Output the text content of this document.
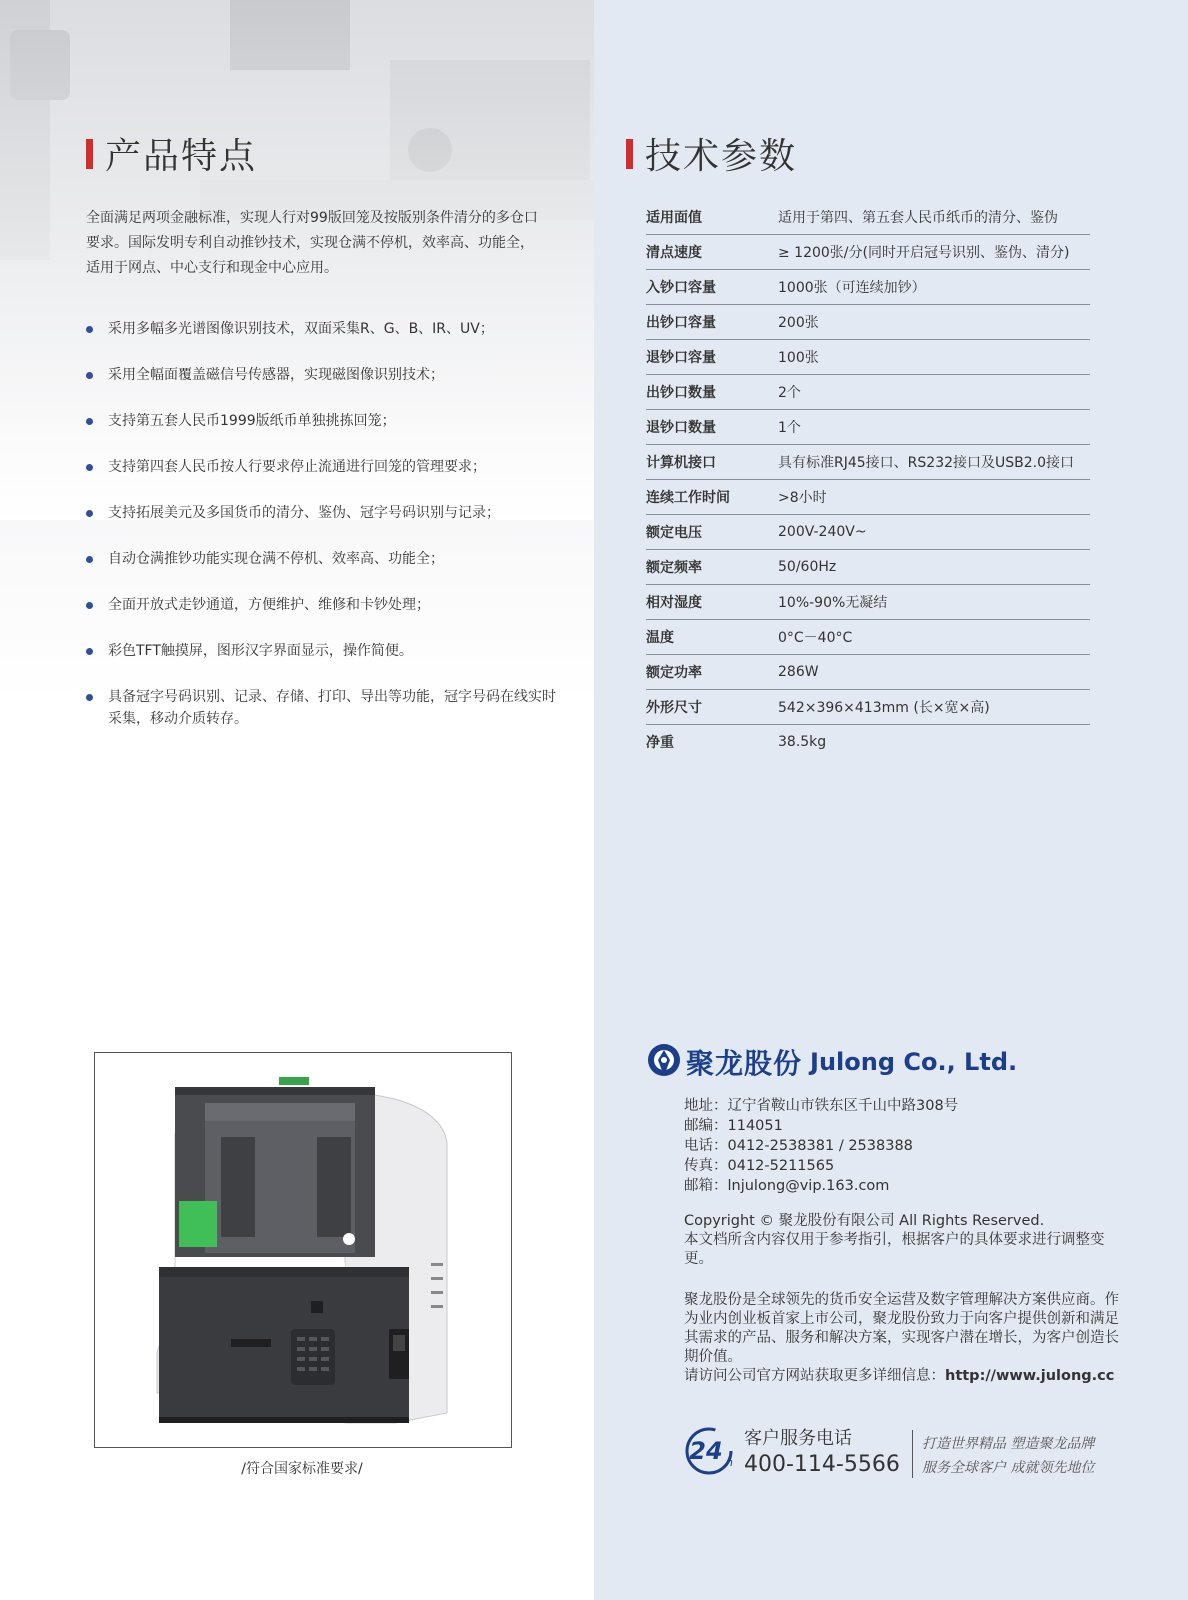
产品特点
全面满足两项金融标准，实现人行对99版回笼及按版别条件清分的多仓口要求。国际发明专利自动推钞技术，实现仓满不停机，效率高、功能全，适用于网点、中心支行和现金中心应用。
采用多幅多光谱图像识别技术，双面采集R、G、B、IR、UV；
采用全幅面覆盖磁信号传感器，实现磁图像识别技术；
支持第五套人民币1999版纸币单独挑拣回笼；
支持第四套人民币按人行要求停止流通进行回笼的管理要求；
支持拓展美元及多国货币的清分、鉴伪、冠字号码识别与记录；
自动仓满推钞功能实现仓满不停机、效率高、功能全；
全面开放式走钞通道，方便维护、维修和卡钞处理；
彩色TFT触摸屏，图形汉字界面显示，操作简便。
具备冠字号码识别、记录、存储、打印、导出等功能，冠字号码在线实时采集，移动介质转存。
/符合国家标准要求/
技术参数
适用面值	适用于第四、第五套人民币纸币的清分、鉴伪
清点速度	≥ 1200张/分(同时开启冠号识别、鉴伪、清分)
入钞口容量	1000张（可连续加钞）
出钞口容量	200张
退钞口容量	100张
出钞口数量	2个
退钞口数量	1个
计算机接口	具有标准RJ45接口、RS232接口及USB2.0接口
连续工作时间	>8小时
额定电压	200V-240V~
额定频率	50/60Hz
相对湿度	10%-90%无凝结
温度	0°C－40°C
额定功率	286W
外形尺寸	542×396×413mm (长×宽×高)
净重	38.5kg
聚龙股份 Julong Co., Ltd.
地址：辽宁省鞍山市铁东区千山中路308号
邮编：114051
电话：0412-2538381 / 2538388
传真：0412-5211565
邮箱：lnjulong@vip.163.com
Copyright © 聚龙股份有限公司 All Rights Reserved.
本文档所含内容仅用于参考指引，根据客户的具体要求进行调整变更。
聚龙股份是全球领先的货币安全运营及数字管理解决方案供应商。作为业内创业板首家上市公司，聚龙股份致力于向客户提供创新和满足其需求的产品、服务和解决方案，实现客户潜在增长，为客户创造长期价值。
请访问公司官方网站获取更多详细信息：http://www.julong.cc
24 h
客户服务电话
400-114-5566
打造世界精品 塑造聚龙品牌
服务全球客户 成就领先地位
